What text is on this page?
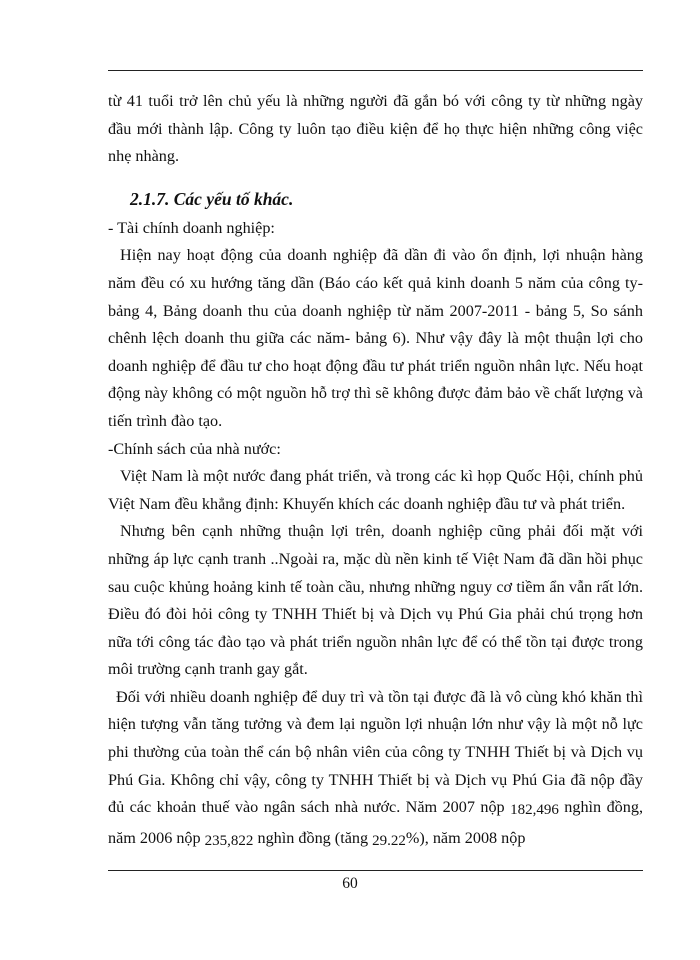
từ 41 tuổi trở lên chủ yếu là những người đã gắn bó với công ty từ những ngày đầu mới thành lập. Công ty luôn tạo điều kiện để họ thực hiện những công việc nhẹ nhàng.

2.1.7. Các yếu tố khác.

- Tài chính doanh nghiệp:

Hiện nay hoạt động của doanh nghiệp đã dần đi vào ổn định, lợi nhuận hàng năm đều có xu hướng tăng dần (Báo cáo kết quả kinh doanh 5 năm của công ty- bảng 4, Bảng doanh thu của doanh nghiệp từ năm 2007-2011 - bảng 5, So sánh chênh lệch doanh thu giữa các năm- bảng 6). Như vậy đây là một thuận lợi cho doanh nghiệp để đầu tư cho hoạt động đầu tư phát triển nguồn nhân lực. Nếu hoạt động này không có một nguồn hỗ trợ thì sẽ không được đảm bảo về chất lượng và tiến trình đào tạo.

-Chính sách của nhà nước:

Việt Nam là một nước đang phát triển, và trong các kì họp Quốc Hội, chính phủ Việt Nam đều khẳng định: Khuyến khích các doanh nghiệp đầu tư và phát triển.

Nhưng bên cạnh những thuận lợi trên, doanh nghiệp cũng phải đối mặt với những áp lực cạnh tranh ..Ngoài ra, mặc dù nền kinh tế Việt Nam đã dần hồi phục sau cuộc khủng hoảng kinh tế toàn cầu, nhưng những nguy cơ tiềm ẩn vẫn rất lớn. Điều đó đòi hỏi công ty TNHH Thiết bị và Dịch vụ Phú Gia phải chú trọng hơn nữa tới công tác đào tạo và phát triển nguồn nhân lực để có thể tồn tại được trong môi trường cạnh tranh gay gắt.

Đối với nhiều doanh nghiệp để duy trì và tồn tại được đã là vô cùng khó khăn thì hiện tượng vẫn tăng tưởng và đem lại nguồn lợi nhuận lớn như vậy là một nỗ lực phi thường của toàn thể cán bộ nhân viên của công ty TNHH Thiết bị và Dịch vụ Phú Gia. Không chỉ vậy, công ty TNHH Thiết bị và Dịch vụ Phú Gia đã nộp đầy đủ các khoản thuế vào ngân sách nhà nước. Năm 2007 nộp 182,496 nghìn đồng, năm 2006 nộp 235,822 nghìn đồng (tăng 29.22%), năm 2008 nộp

60
